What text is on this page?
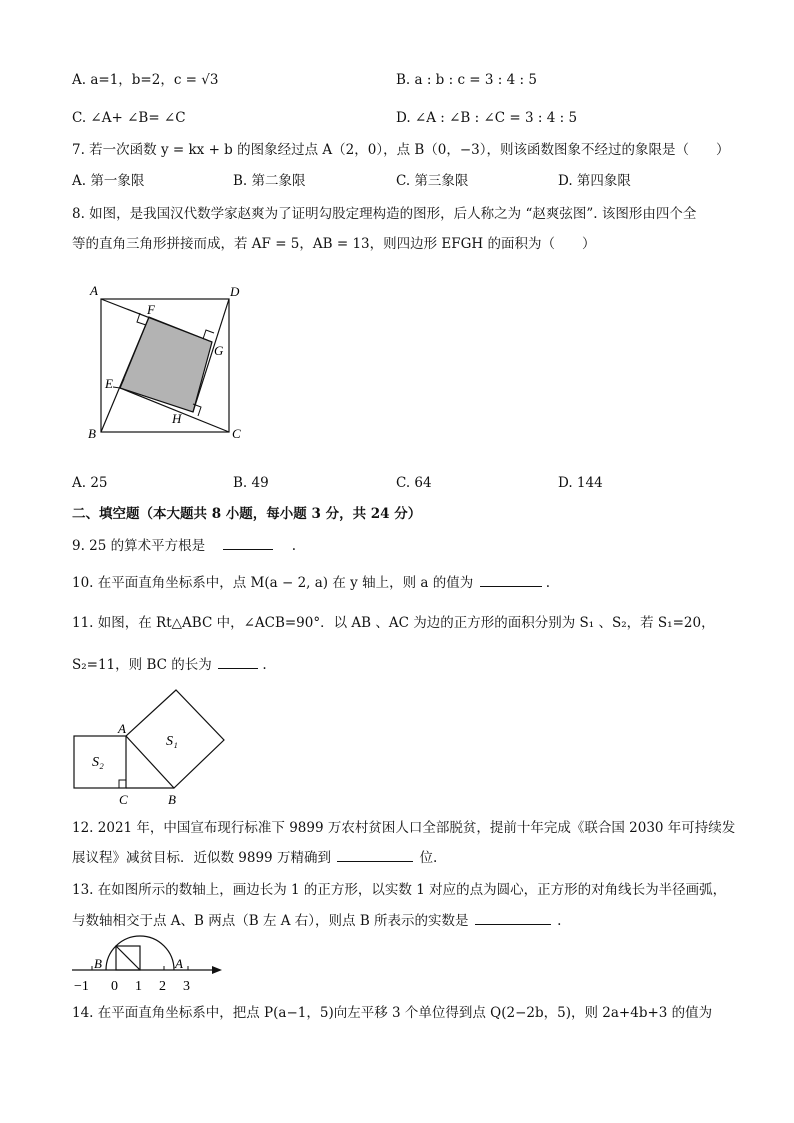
A. a=1，b=2，c = √3	B. a : b : c = 3 : 4 : 5
C. ∠A+ ∠B= ∠C	D. ∠A : ∠B : ∠C = 3 : 4 : 5
7. 若一次函数 y = kx + b 的图象经过点 A（2，0），点 B（0，−3），则该函数图象不经过的象限是（　　）
A. 第一象限	B. 第二象限	C. 第三象限	D. 第四象限
8. 如图，是我国汉代数学家赵爽为了证明勾股定理构造的图形，后人称之为 “赵爽弦图”. 该图形由四个全
等的直角三角形拼接而成，若 AF = 5，AB = 13，则四边形 EFGH 的面积为（　　）
A	D
B	C
E
F
G
H
A. 25	B. 49	C. 64	D. 144
二、填空题（本大题共 8 小题，每小题 3 分，共 24 分）
9. 25 的算术平方根是	.
10. 在平面直角坐标系中，点 M(a − 2, a) 在 y 轴上，则 a 的值为	.
11. 如图，在 Rt△ABC 中，∠ACB=90°．以 AB 、AC 为边的正方形的面积分别为 S₁ 、S₂，若 S₁=20，
S₂=11，则 BC 的长为	.
A
C	B
S₁
S₂
12. 2021 年，中国宣布现行标准下 9899 万农村贫困人口全部脱贫，提前十年完成《联合国 2030 年可持续发
展议程》减贫目标．近似数 9899 万精确到	位.
13. 在如图所示的数轴上，画边长为 1 的正方形，以实数 1 对应的点为圆心，正方形的对角线长为半径画弧，
与数轴相交于点 A、B 两点（B 左 A 右），则点 B 所表示的实数是	.
B	A
−1 0 1 2 3
14. 在平面直角坐标系中，把点 P(a−1，5)向左平移 3 个单位得到点 Q(2−2b，5)，则 2a+4b+3 的值为
